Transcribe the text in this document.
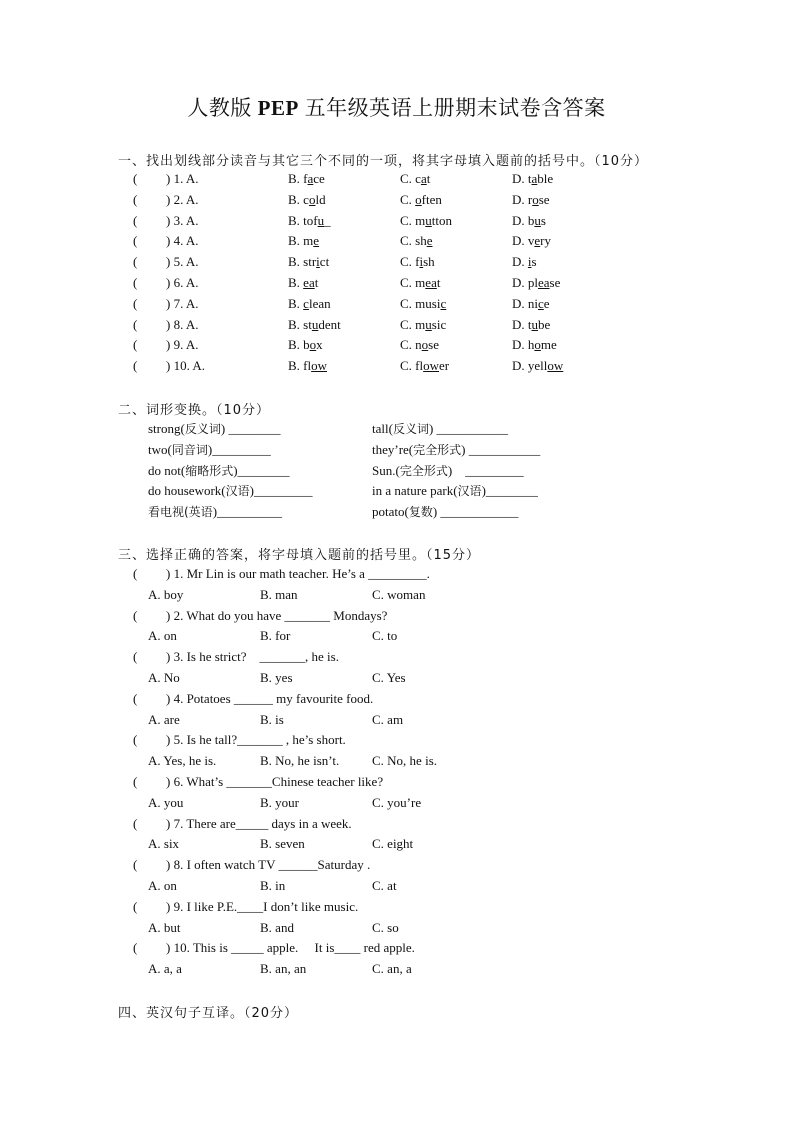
人教版 PEP 五年级英语上册期末试卷含答案
一、找出划线部分读音与其它三个不同的一项，将其字母填入题前的括号中。（10分）
( ) 1. A.	B. face	C. cat	D. table
( ) 2. A.	B. cold	C. often	D. rose
( ) 3. A.	B. tofu_	C. mutton	D. bus
( ) 4. A.	B. me	C. she	D. very
( ) 5. A.	B. strict	C. fish	D. is
( ) 6. A.	B. eat	C. meat	D. please
( ) 7. A.	B. clean	C. music	D. nice
( ) 8. A.	B. student	C. music	D. tube
( ) 9. A.	B. box	C. nose	D. home
( ) 10. A.	B. flow	C. flower	D. yellow
二、词形变换。（10分）
strong(反义词) ________	tall(反义词) ___________
two(同音词)_________	they’re(完全形式) ___________
do not(缩略形式)________	Sun.(完全形式)    _________
do housework(汉语)_________	in a nature park(汉语)________
看电视(英语)__________	potato(复数) ____________
三、选择正确的答案，将字母填入题前的括号里。（15分）
( ) 1. Mr Lin is our math teacher. He’s a _________.
A. boy	B. man	C. woman
( ) 2. What do you have _______ Mondays?
A. on	B. for	C. to
( ) 3. Is he strict?    _______, he is.
A. No	B. yes	C. Yes
( ) 4. Potatoes ______ my favourite food.
A. are	B. is	C. am
( ) 5. Is he tall?_______ , he’s short.
A. Yes, he is.	B. No, he isn’t.	C. No, he is.
( ) 6. What’s _______Chinese teacher like?
A. you	B. your	C. you’re
( ) 7. There are_____ days in a week.
A. six	B. seven	C. eight
( ) 8. I often watch TV ______Saturday .
A. on	B. in	C. at
( ) 9. I like P.E.____I don’t like music.
A. but	B. and	C. so
( ) 10. This is _____ apple.     It is____ red apple.
A. a, a	B. an, an	C. an, a
四、英汉句子互译。（20分）
